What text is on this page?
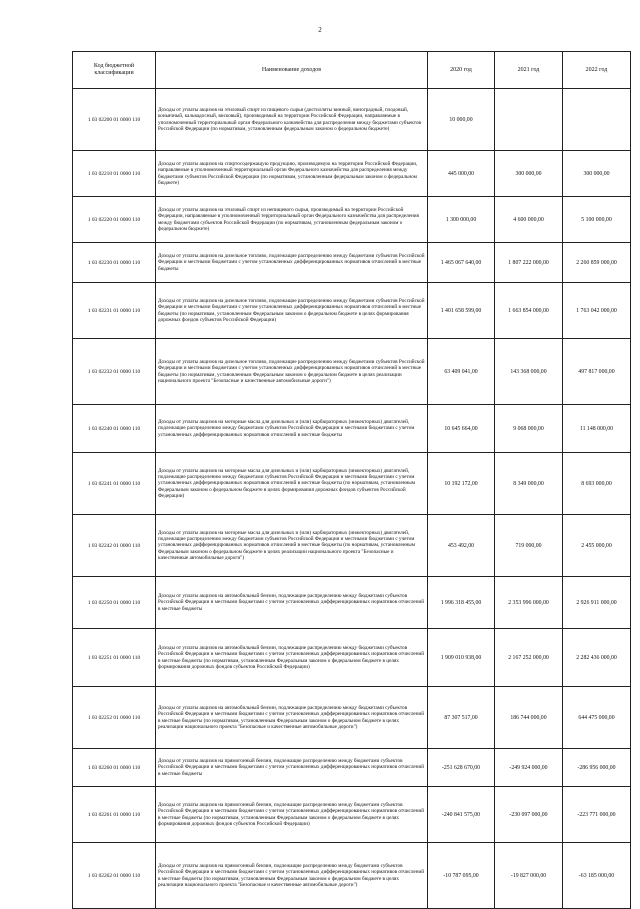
2
Код бюджетной классификации	Наименование доходов	2020 год	2021 год	2022 год
1 03 02200 01 0000 110	Доходы от уплаты акцизов на этиловый спирт из пищевого сырья (дистилляты винный, виноградный, плодовый, коньячный, кальвадосный, висковый), производимый на территории Российской Федерации, направляемые в уполномоченный территориальный орган Федерального казначейства для распределения между бюджетами субъектов Российской Федерации (по нормативам, установленным федеральным законом о федеральном бюджете)	10 000,00		
1 03 02210 01 0000 110	Доходы от уплаты акцизов на спиртосодержащую продукцию, производимую на территории Российской Федерации, направляемые в уполномоченный территориальный орган Федерального казначейства для распределения между бюджетами субъектов Российской Федерации (по нормативам, установленным федеральным законом о федеральном бюджете)	445 000,00	300 000,00	300 000,00
1 03 02220 01 0000 110	Доходы от уплаты акцизов на этиловый спирт из непищевого сырья, производимый на территории Российской Федерации, направляемые в уполномоченный территориальный орган Федерального казначейства для распределения между бюджетами субъектов Российской Федерации (по нормативам, установленным федеральным законом о федеральном бюджете)	1 300 000,00	4 600 000,00	5 100 000,00
1 03 02230 01 0000 110	Доходы от уплаты акцизов на дизельное топливо, подлежащие распределению между бюджетами субъектов Российской Федерации и местными бюджетами с учетом установленных дифференцированных нормативов отчислений в местные бюджеты	1 465 067 640,00	1 807 222 000,00	2 260 859 000,00
1 03 02231 01 0000 110	Доходы от уплаты акцизов на дизельное топливо, подлежащие распределению между бюджетами субъектов Российской Федерации и местными бюджетами с учетом установленных дифференцированных нормативов отчислений в местные бюджеты (по нормативам, установленным Федеральным законом о федеральном бюджете в целях формирования дорожных фондов субъектов Российской Федерации)	1 401 658 599,00	1 663 854 000,00	1 763 042 000,00
1 03 02232 01 0000 110	Доходы от уплаты акцизов на дизельное топливо, подлежащие распределению между бюджетами субъектов Российской Федерации и местными бюджетами с учетом установленных дифференцированных нормативов отчислений в местные бюджеты (по нормативам, установленным Федеральным законом о федеральном бюджете в целях реализации национального проекта "Безопасные и качественные автомобильные дороги")	63 409 041,00	143 368 000,00	497 817 000,00
1 03 02240 01 0000 110	Доходы от уплаты акцизов на моторные масла для дизельных и (или) карбюраторных (инжекторных) двигателей, подлежащие распределению между бюджетами субъектов Российской Федерации и местными бюджетами с учетом установленных дифференцированных нормативов отчислений в местные бюджеты	10 645 664,00	9 068 000,00	11 148 000,00
1 03 02241 01 0000 110	Доходы от уплаты акцизов на моторные масла для дизельных и (или) карбюраторных (инжекторных) двигателей, подлежащие распределению между бюджетами субъектов Российской Федерации и местными бюджетами с учетом установленных дифференцированных нормативов отчислений в местные бюджеты (по нормативам, установленным Федеральным законом о федеральном бюджете в целях формирования дорожных фондов субъектов Российской Федерации)	10 192 172,00	8 349 000,00	8 693 000,00
1 03 02242 01 0000 110	Доходы от уплаты акцизов на моторные масла для дизельных и (или) карбюраторных (инжекторных) двигателей, подлежащие распределению между бюджетами субъектов Российской Федерации и местными бюджетами с учетом установленных дифференцированных нормативов отчислений в местные бюджеты (по нормативам, установленным Федеральным законом о федеральном бюджете в целях реализации национального проекта "Безопасные и качественные автомобильные дороги")	453 492,00	719 000,00	2 455 000,00
1 03 02250 01 0000 110	Доходы от уплаты акцизов на автомобильный бензин, подлежащие распределению между бюджетами субъектов Российской Федерации и местными бюджетами с учетом установленных дифференцированных нормативов отчислений в местные бюджеты	1 996 318 455,00	2 353 996 000,00	2 926 911 000,00
1 03 02251 01 0000 110	Доходы от уплаты акцизов на автомобильный бензин, подлежащие распределению между бюджетами субъектов Российской Федерации и местными бюджетами с учетом установленных дифференцированных нормативов отчислений в местные бюджеты (по нормативам, установленным Федеральным законом о федеральном бюджете в целях формирования дорожных фондов субъектов Российской Федерации)	1 909 010 938,00	2 167 252 000,00	2 282 436 000,00
1 03 02252 01 0000 110	Доходы от уплаты акцизов на автомобильный бензин, подлежащие распределению между бюджетами субъектов Российской Федерации и местными бюджетами с учетом установленных дифференцированных нормативов отчислений в местные бюджеты (по нормативам, установленным Федеральным законом о федеральном бюджете в целях реализации национального проекта "Безопасные и качественные автомобильные дороги")	87 307 517,00	186 744 000,00	644 475 000,00
1 03 02260 01 0000 110	Доходы от уплаты акцизов на прямогонный бензин, подлежащие распределению между бюджетами субъектов Российской Федерации и местными бюджетами с учетом установленных дифференцированных нормативов отчислений в местные бюджеты	-251 628 670,00	-249 924 000,00	-286 956 000,00
1 03 02261 01 0000 110	Доходы от уплаты акцизов на прямогонный бензин, подлежащие распределению между бюджетами субъектов Российской Федерации и местными бюджетами с учетом установленных дифференцированных нормативов отчислений в местные бюджеты (по нормативам, установленным Федеральным законом о федеральном бюджете в целях формирования дорожных фондов субъектов Российской Федерации)	-240 841 575,00	-230 097 000,00	-223 771 000,00
1 03 02262 01 0000 110	Доходы от уплаты акцизов на прямогонный бензин, подлежащие распределению между бюджетами субъектов Российской Федерации и местными бюджетами с учетом установленных дифференцированных нормативов отчислений в местные бюджеты (по нормативам, установленным Федеральным законом о федеральном бюджете в целях реализации национального проекта "Безопасные и качественные автомобильные дороги")	-10 787 095,00	-19 827 000,00	-63 185 000,00
